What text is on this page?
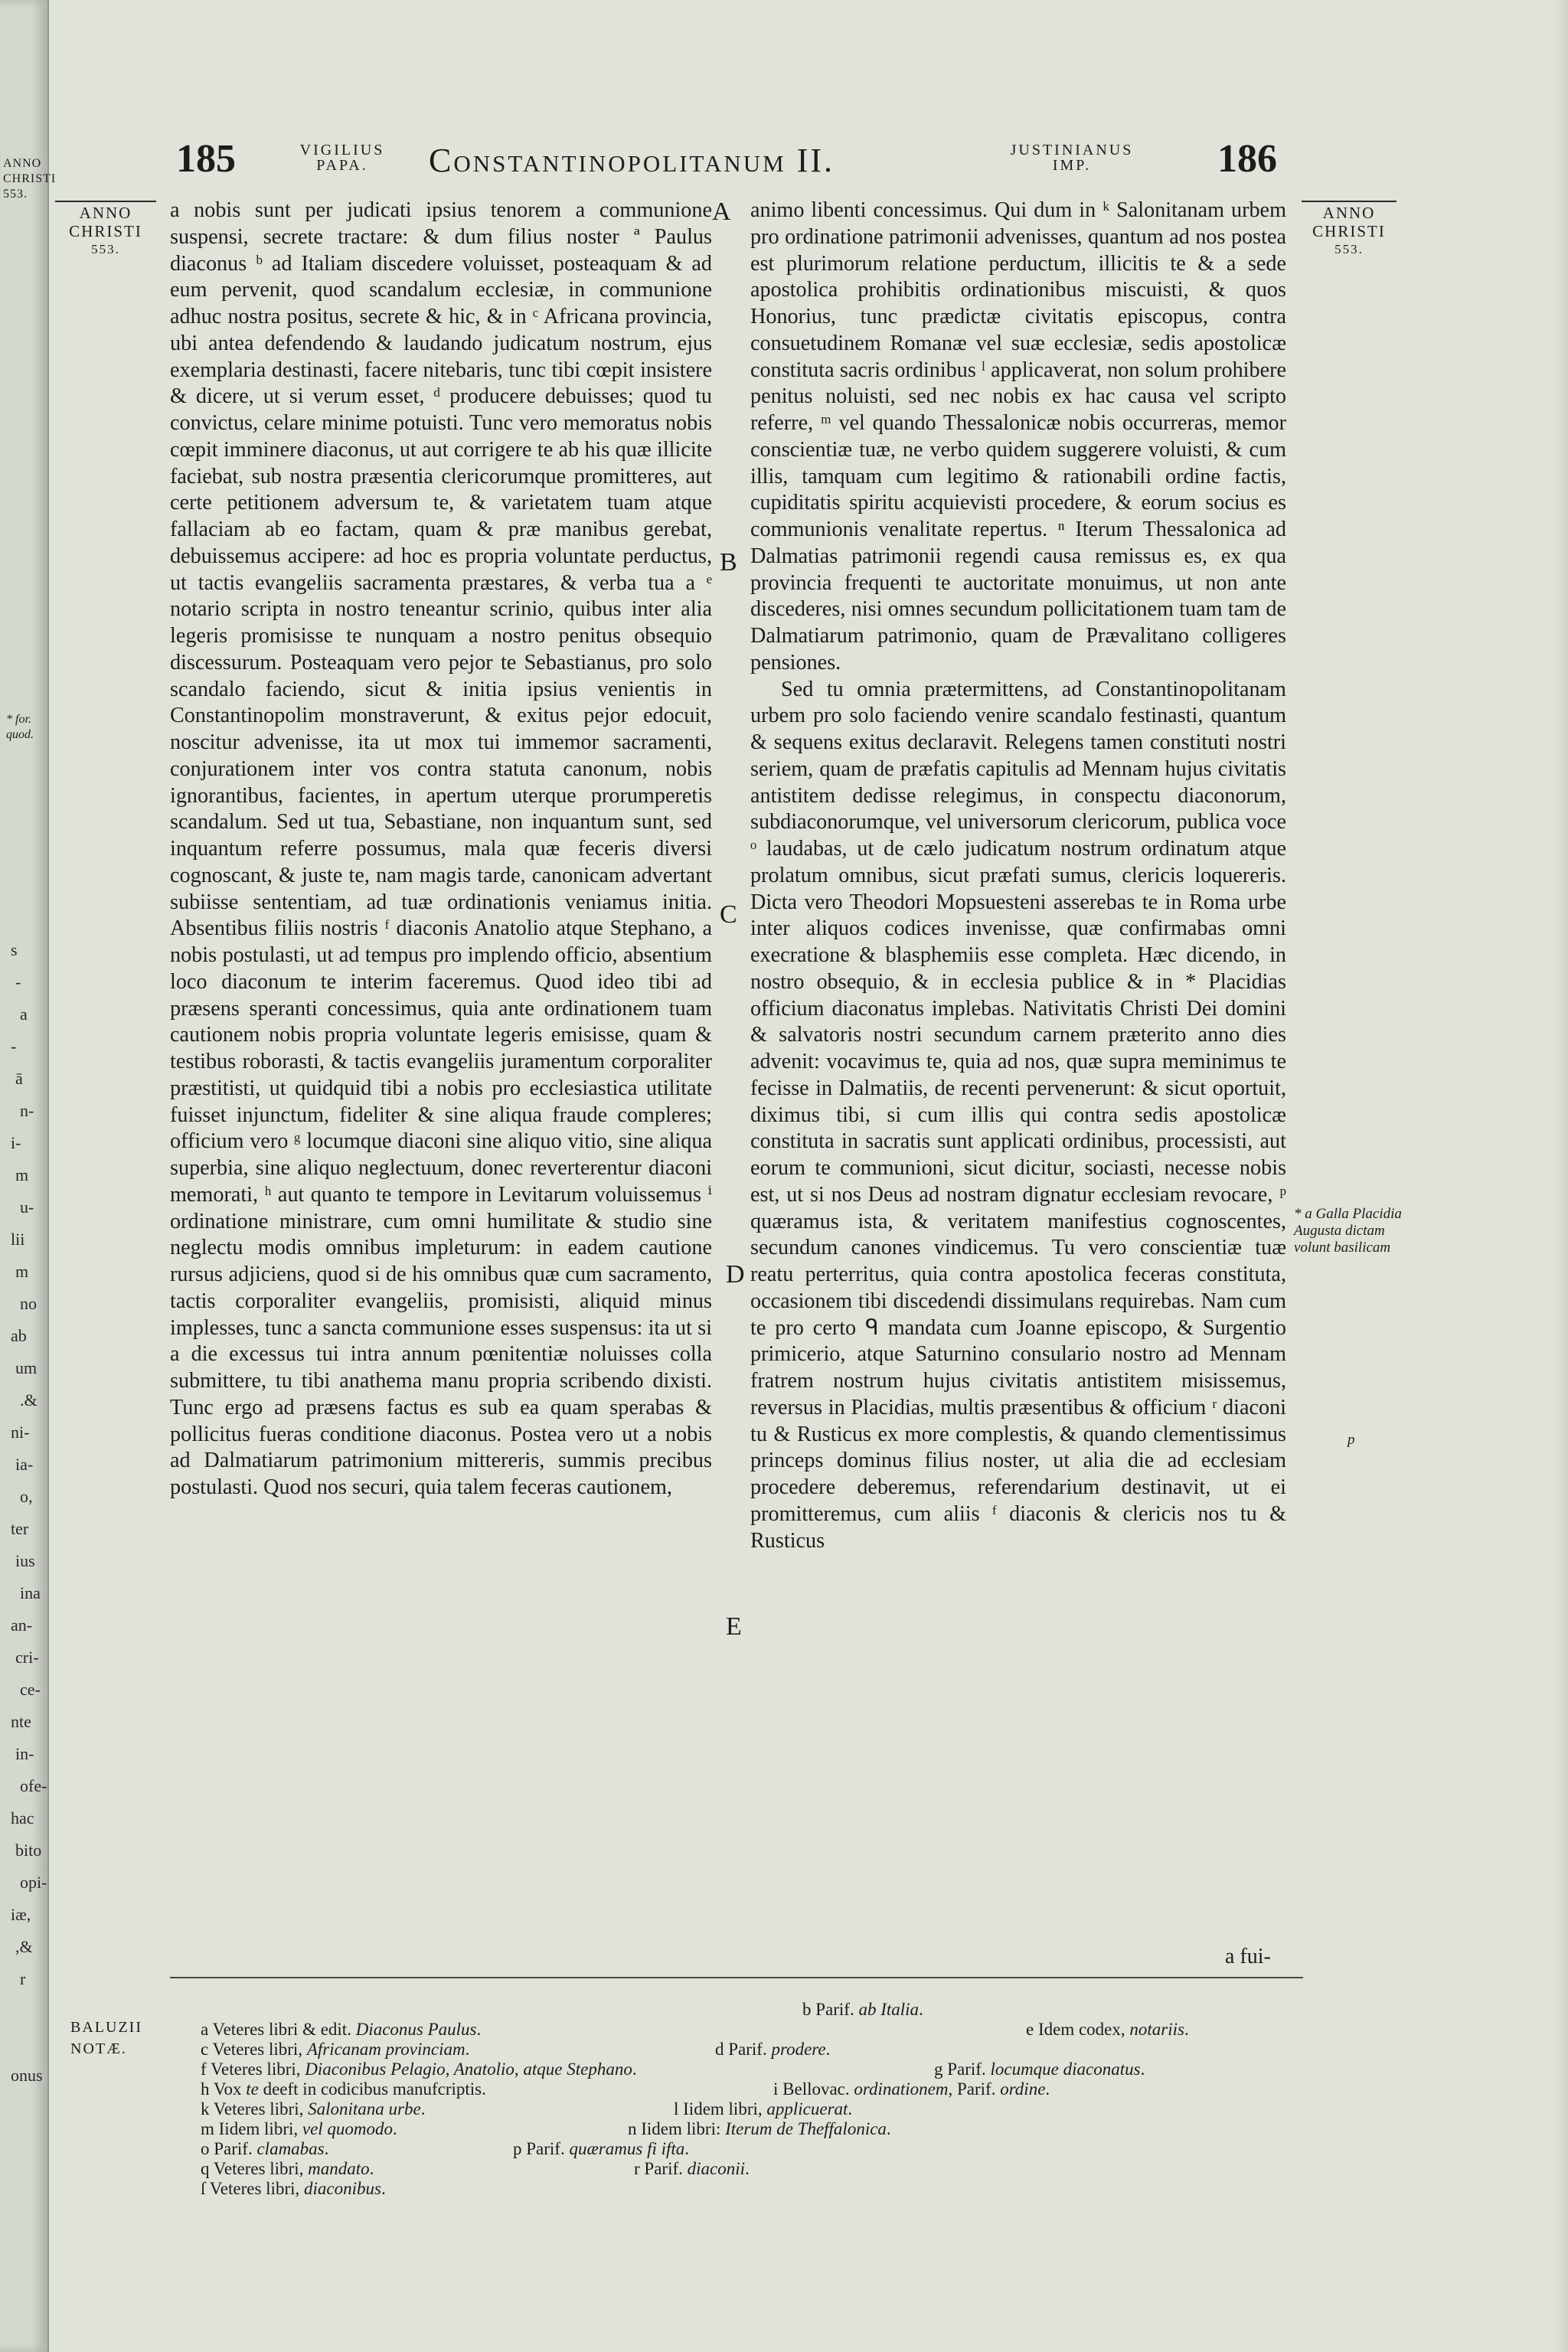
ANNO CHRISTI 553.
* for. quod.
s
-
a
-
ā
n-
i-
m
u-
lii
m
no
ab
um
.&
ni-
ia-
o,
ter
ius
ina
an-
cri-
ce-
nte
in-
ofe-
hac
bito
opi-
iæ,
,&
r
onus
185	VIGILIUS
PAPA.	Constantinopolitanum II.	JUSTINIANUS
IMP.	186
ANNO
CHRISTI
553.
ANNO
CHRISTI
553.
A
B
C
D
E

a nobis sunt per judicati ipsius tenorem a communione suspensi, secrete tractare: & dum filius noster ª Paulus diaconus ᵇ ad Italiam discedere voluisset, posteaquam & ad eum pervenit, quod scandalum ecclesiæ, in communione adhuc nostra positus, secrete & hic, & in ᶜ Africana provincia, ubi antea defendendo & laudando judicatum nostrum, ejus exemplaria destinasti, facere nitebaris, tunc tibi cœpit insistere & dicere, ut si verum esset, ᵈ producere debuisses; quod tu convictus, celare minime potuisti. Tunc vero memoratus nobis cœpit imminere diaconus, ut aut corrigere te ab his quæ illicite faciebat, sub nostra præsentia clericorumque promitteres, aut certe petitionem adversum te, & varietatem tuam atque fallaciam ab eo factam, quam & præ manibus gerebat, debuissemus accipere: ad hoc es propria voluntate perductus, ut tactis evangeliis sacramenta præstares, & verba tua a ᵉ notario scripta in nostro teneantur scrinio, quibus inter alia legeris promisisse te nunquam a nostro penitus obsequio discessurum. Posteaquam vero pejor te Sebastianus, pro solo scandalo faciendo, sicut & initia ipsius venientis in Constantinopolim monstraverunt, & exitus pejor edocuit, noscitur advenisse, ita ut mox tui immemor sacramenti, conjurationem inter vos contra statuta canonum, nobis ignorantibus, facientes, in apertum uterque prorumperetis scandalum. Sed ut tua, Sebastiane, non inquantum sunt, sed inquantum referre possumus, mala quæ feceris diversi cognoscant, & juste te, nam magis tarde, canonicam advertant subiisse sententiam, ad tuæ ordinationis veniamus initia. Absentibus filiis nostris ᶠ diaconis Anatolio atque Stephano, a nobis postulasti, ut ad tempus pro implendo officio, absentium loco diaconum te interim faceremus. Quod ideo tibi ad præsens speranti concessimus, quia ante ordinationem tuam cautionem nobis propria voluntate legeris emisisse, quam & testibus roborasti, & tactis evangeliis juramentum corporaliter præstitisti, ut quidquid tibi a nobis pro ecclesiastica utilitate fuisset injunctum, fideliter & sine aliqua fraude compleres; officium vero ᵍ locumque diaconi sine aliquo vitio, sine aliqua superbia, sine aliquo neglectuum, donec reverterentur diaconi memorati, ʰ aut quanto te tempore in Levitarum voluissemus ⁱ ordinatione ministrare, cum omni humilitate & studio sine neglectu modis omnibus impleturum: in eadem cautione rursus adjiciens, quod si de his omnibus quæ cum sacramento, tactis corporaliter evangeliis, promisisti, aliquid minus implesses, tunc a sancta communione esses suspensus: ita ut si a die excessus tui intra annum pœnitentiæ noluisses colla submittere, tu tibi anathema manu propria scribendo dixisti. Tunc ergo ad præsens factus es sub ea quam sperabas & pollicitus fueras conditione diaconus. Postea vero ut a nobis ad Dalmatiarum patrimonium mittereris, summis precibus postulasti. Quod nos securi, quia talem feceras cautionem,

animo libenti concessimus. Qui dum in ᵏ Salonitanam urbem pro ordinatione patrimonii advenisses, quantum ad nos postea est plurimorum relatione perductum, illicitis te & a sede apostolica prohibitis ordinationibus miscuisti, & quos Honorius, tunc prædictæ civitatis episcopus, contra consuetudinem Romanæ vel suæ ecclesiæ, sedis apostolicæ constituta sacris ordinibus ˡ applicaverat, non solum prohibere penitus noluisti, sed nec nobis ex hac causa vel scripto referre, ᵐ vel quando Thessalonicæ nobis occurreras, memor conscientiæ tuæ, ne verbo quidem suggerere voluisti, & cum illis, tamquam cum legitimo & rationabili ordine factis, cupiditatis spiritu acquievisti procedere, & eorum socius es communionis venalitate repertus. ⁿ Iterum Thessalonica ad Dalmatias patrimonii regendi causa remissus es, ex qua provincia frequenti te auctoritate monuimus, ut non ante discederes, nisi omnes secundum pollicitationem tuam tam de Dalmatiarum patrimonio, quam de Prævalitano colligeres pensiones.

Sed tu omnia prætermittens, ad Constantinopolitanam urbem pro solo faciendo venire scandalo festinasti, quantum & sequens exitus declaravit. Relegens tamen constituti nostri seriem, quam de præfatis capitulis ad Mennam hujus civitatis antistitem dedisse relegimus, in conspectu diaconorum, subdiaconorumque, vel universorum clericorum, publica voce ᵒ laudabas, ut de cælo judicatum nostrum ordinatum atque prolatum omnibus, sicut præfati sumus, clericis loquereris. Dicta vero Theodori Mopsuesteni asserebas te in Roma urbe inter aliquos codices invenisse, quæ confirmabas omni execratione & blasphemiis esse completa. Hæc dicendo, in nostro obsequio, & in ecclesia publice & in * Placidias officium diaconatus implebas. Nativitatis Christi Dei domini & salvatoris nostri secundum carnem præterito anno dies advenit: vocavimus te, quia ad nos, quæ supra meminimus te fecisse in Dalmatiis, de recenti pervenerunt: & sicut oportuit, diximus tibi, si cum illis qui contra sedis apostolicæ constituta in sacratis sunt applicati ordinibus, processisti, aut eorum te communioni, sicut dicitur, sociasti, necesse nobis est, ut si nos Deus ad nostram dignatur ecclesiam revocare, ᵖ quæramus ista, & veritatem manifestius cognoscentes, secundum canones vindicemus. Tu vero conscientiæ tuæ reatu perterritus, quia contra apostolica feceras constituta, occasionem tibi discedendi dissimulans requirebas. Nam cum te pro certo ᑫ mandata cum Joanne episcopo, & Surgentio primicerio, atque Saturnino consulario nostro ad Mennam fratrem nostrum hujus civitatis antistitem misissemus, reversus in Placidias, multis præsentibus & officium ʳ diaconi tu & Rusticus ex more complestis, & quando clementissimus princeps dominus filius noster, ut alia die ad ecclesiam procedere deberemus, referendarium destinavit, ut ei promitteremus, cum aliis ᶠ diaconis & clericis nos tu & Rusticus

a fui-
* a Galla Placidia Augusta dictam volunt basilicam
p
BALUZII
NOTÆ.
b Parif. ab Italia.
a Veteres libri & edit. Diaconus Paulus.	e Idem codex, notariis.
c Veteres libri, Africanam provinciam.	d Parif. prodere.
f Veteres libri, Diaconibus Pelagio, Anatolio, atque Stephano.	g Parif. locumque diaconatus.
h Vox te deeft in codicibus manufcriptis.	i Bellovac. ordinationem, Parif. ordine.
k Veteres libri, Salonitana urbe.	l Iidem libri, applicuerat.
m Iidem libri, vel quomodo.	n Iidem libri: Iterum de Theffalonica.
o Parif. clamabas.	p Parif. quæramus fi ifta.
q Veteres libri, mandato.	r Parif. diaconii.
ſ Veteres libri, diaconibus.
